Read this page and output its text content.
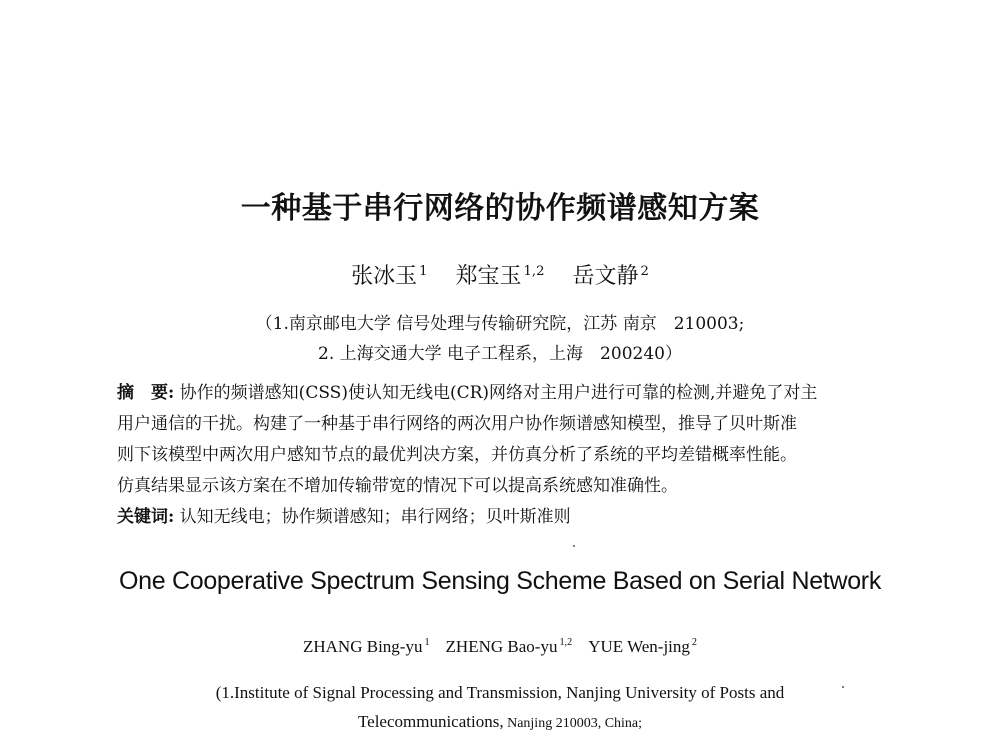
一种基于串行网络的协作频谱感知方案
张冰玉 $^1$ 郑宝玉 $^{1,2}$ 岳文静 $^2$
（1.南京邮电大学 信号处理与传输研究院，江苏 南京　210003;
2. 上海交通大学 电子工程系，上海　200240）
摘　要: 协作的频谱感知(CSS)使认知无线电(CR)网络对主用户进行可靠的检测,并避免了对主
用户通信的干扰。构建了一种基于串行网络的两次用户协作频谱感知模型，推导了贝叶斯准
则下该模型中两次用户感知节点的最优判决方案，并仿真分析了系统的平均差错概率性能。
仿真结果显示该方案在不增加传输带宽的情况下可以提高系统感知准确性。
关键词: 认知无线电；协作频谱感知；串行网络；贝叶斯准则
One Cooperative Spectrum Sensing Scheme Based on Serial Network
ZHANG Bing-yu $^1$ ZHENG Bao-yu $^{1,2}$ YUE Wen-jing $^2$
(1.Institute of Signal Processing and Transmission, Nanjing University of Posts and
Telecommunications, Nanjing 210003, China;
